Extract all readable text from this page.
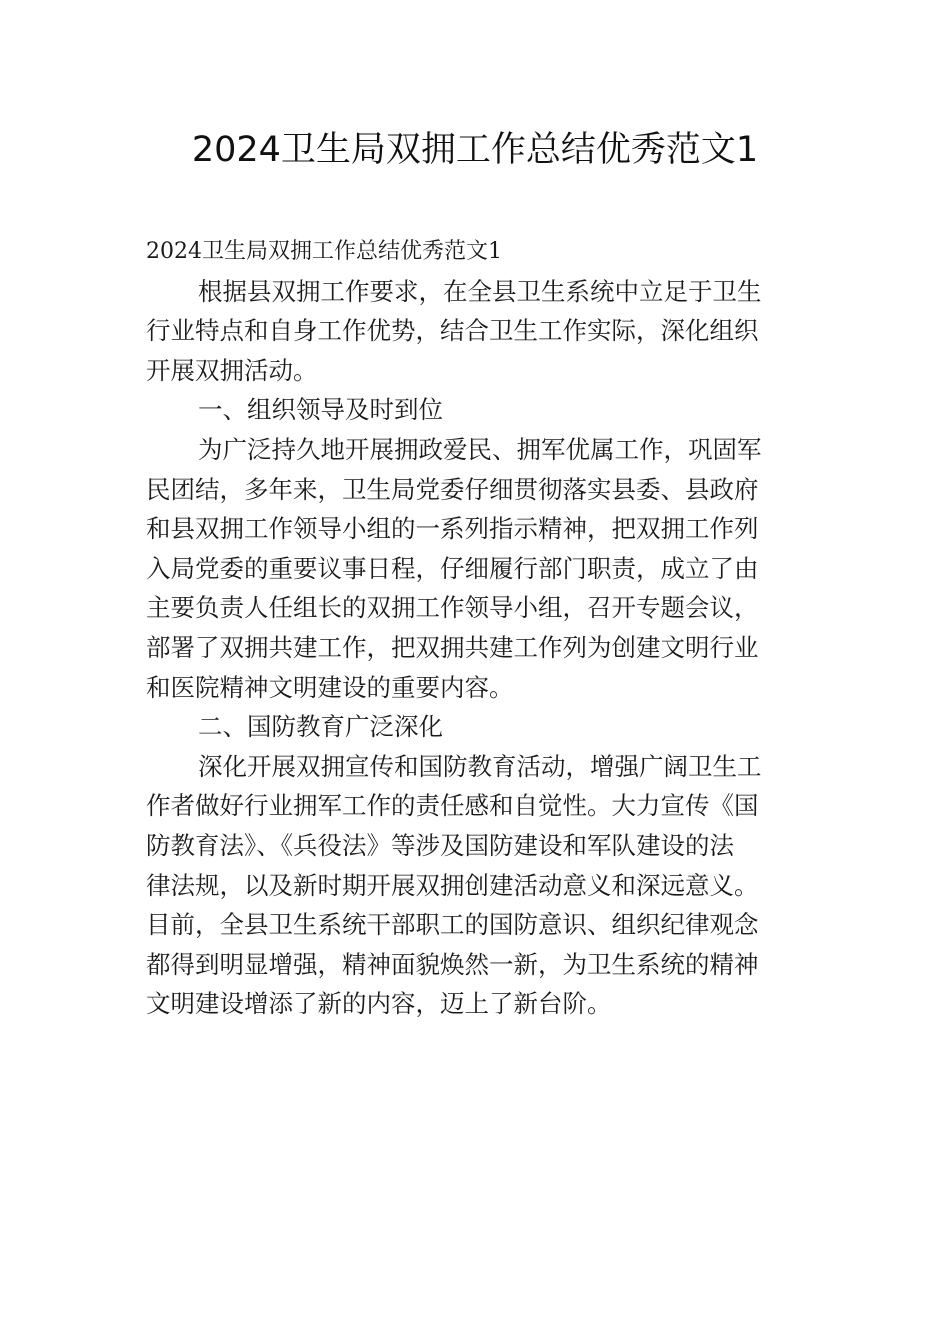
2024卫生局双拥工作总结优秀范文1
2024卫生局双拥工作总结优秀范文1
根据县双拥工作要求，在全县卫生系统中立足于卫生
行业特点和自身工作优势，结合卫生工作实际，深化组织
开展双拥活动。
一、组织领导及时到位
为广泛持久地开展拥政爱民、拥军优属工作，巩固军
民团结，多年来，卫生局党委仔细贯彻落实县委、县政府
和县双拥工作领导小组的一系列指示精神，把双拥工作列
入局党委的重要议事日程，仔细履行部门职责，成立了由
主要负责人任组长的双拥工作领导小组，召开专题会议，
部署了双拥共建工作，把双拥共建工作列为创建文明行业
和医院精神文明建设的重要内容。
二、国防教育广泛深化
深化开展双拥宣传和国防教育活动，增强广阔卫生工
作者做好行业拥军工作的责任感和自觉性。大力宣传《国
防教育法》、《兵役法》等涉及国防建设和军队建设的法
律法规，以及新时期开展双拥创建活动意义和深远意义。
目前，全县卫生系统干部职工的国防意识、组织纪律观念
都得到明显增强，精神面貌焕然一新，为卫生系统的精神
文明建设增添了新的内容，迈上了新台阶。
